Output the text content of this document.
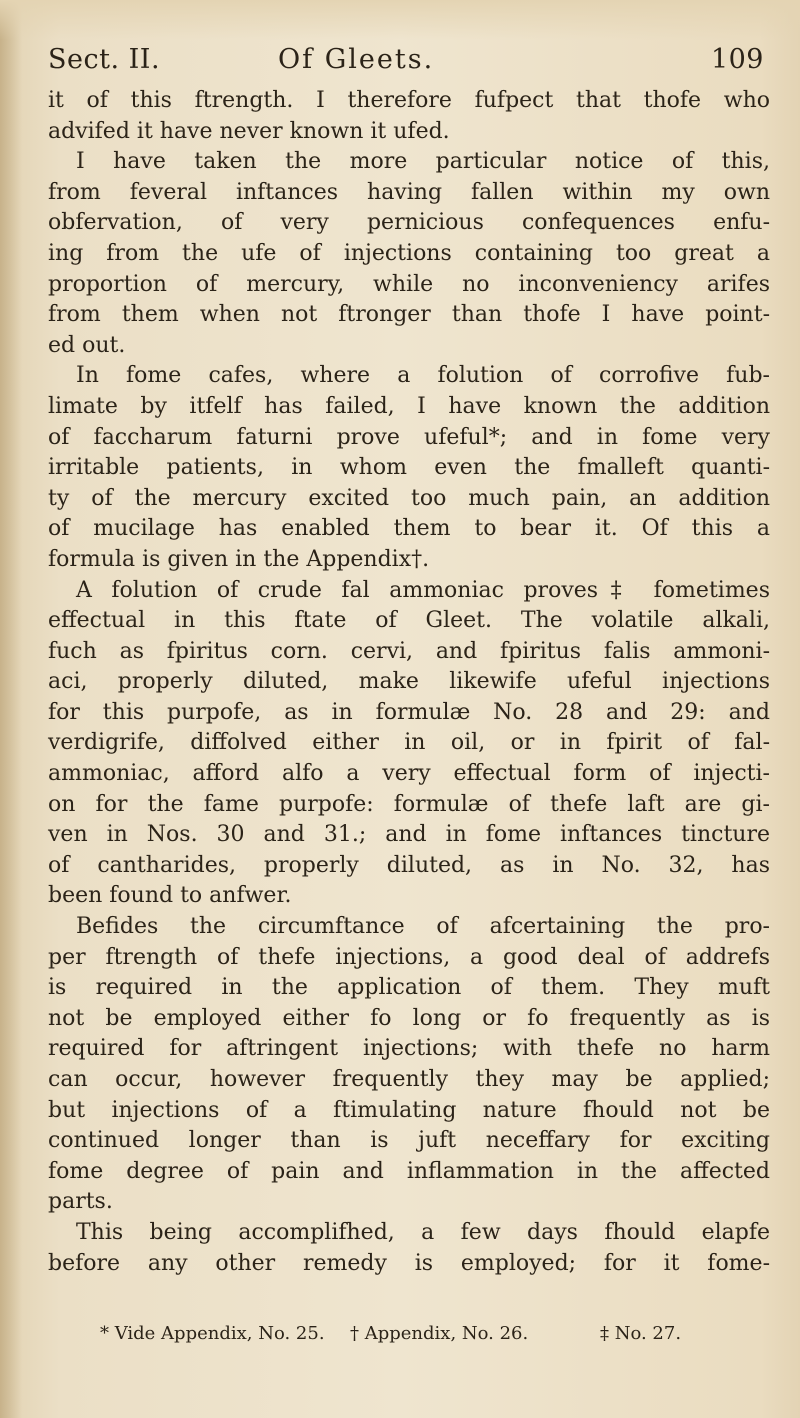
Sect. II.	Of Gleets.	109
it of this ftrength. I therefore fufpect that thofe who
advifed it have never known it ufed.
I have taken the more particular notice of this,
from feveral inftances having fallen within my own
obfervation, of very pernicious confequences enfu-
ing from the ufe of injections containing too great a
proportion of mercury, while no inconveniency arifes
from them when not ftronger than thofe I have point-
ed out.
In fome cafes, where a folution of corrofive fub-
limate by itfelf has failed, I have known the addition
of faccharum faturni prove ufeful*; and in fome very
irritable patients, in whom even the fmalleft quanti-
ty of the mercury excited too much pain, an addition
of mucilage has enabled them to bear it. Of this a
formula is given in the Appendix†.
A folution of crude fal ammoniac proves‡ fometimes
effectual in this ftate of Gleet. The volatile alkali,
fuch as fpiritus corn. cervi, and fpiritus falis ammoni-
aci, properly diluted, make likewife ufeful injections
for this purpofe, as in formulæ No. 28 and 29: and
verdigrife, diffolved either in oil, or in fpirit of fal-
ammoniac, afford alfo a very effectual form of injecti-
on for the fame purpofe: formulæ of thefe laft are gi-
ven in Nos. 30 and 31.; and in fome inftances tincture
of cantharides, properly diluted, as in No. 32, has
been found to anfwer.
Befides the circumftance of afcertaining the pro-
per ftrength of thefe injections, a good deal of addrefs
is required in the application of them. They muft
not be employed either fo long or fo frequently as is
required for aftringent injections; with thefe no harm
can occur, however frequently they may be applied;
but injections of a ftimulating nature fhould not be
continued longer than is juft neceffary for exciting
fome degree of pain and inflammation in the affected
parts.
This being accomplifhed, a few days fhould elapfe
before any other remedy is employed; for it fome-
* Vide Appendix, No. 25. † Appendix, No. 26.	‡ No. 27.
